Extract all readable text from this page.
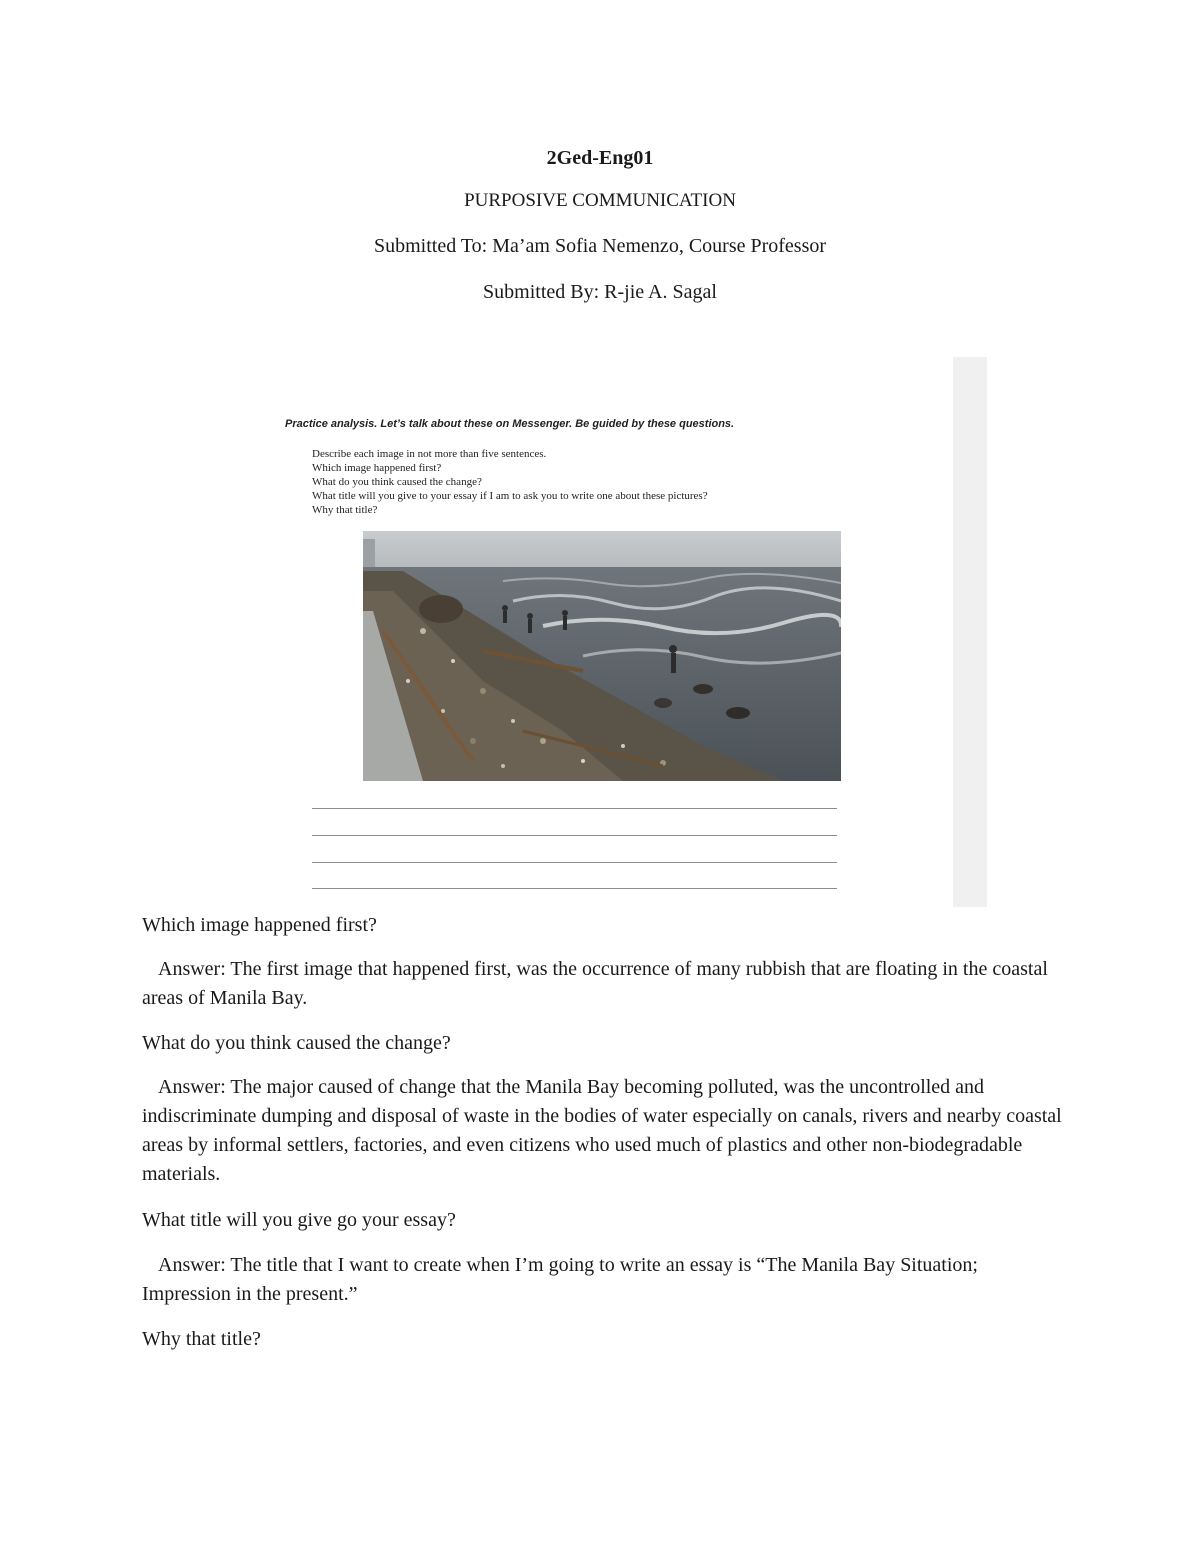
2Ged-Eng01
PURPOSIVE COMMUNICATION
Submitted To: Ma’am Sofia Nemenzo, Course Professor
Submitted By: R-jie A. Sagal
Practice analysis. Let’s talk about these on Messenger. Be guided by these questions.
Describe each image in not more than five sentences.
Which image happened first?
What do you think caused the change?
What title will you give to your essay if I am to ask you to write one about these pictures?
Why that title?
Which image happened first?
Answer: The first image that happened first, was the occurrence of many rubbish that are floating in the coastal areas of Manila Bay.
What do you think caused the change?
Answer: The major caused of change that the Manila Bay becoming polluted, was the uncontrolled and indiscriminate dumping and disposal of waste in the bodies of water especially on canals, rivers and nearby coastal areas by informal settlers, factories, and even citizens who used much of plastics and other non-biodegradable materials.
What title will you give go your essay?
Answer: The title that I want to create when I’m going to write an essay is “The Manila Bay Situation; Impression in the present.”
Why that title?
